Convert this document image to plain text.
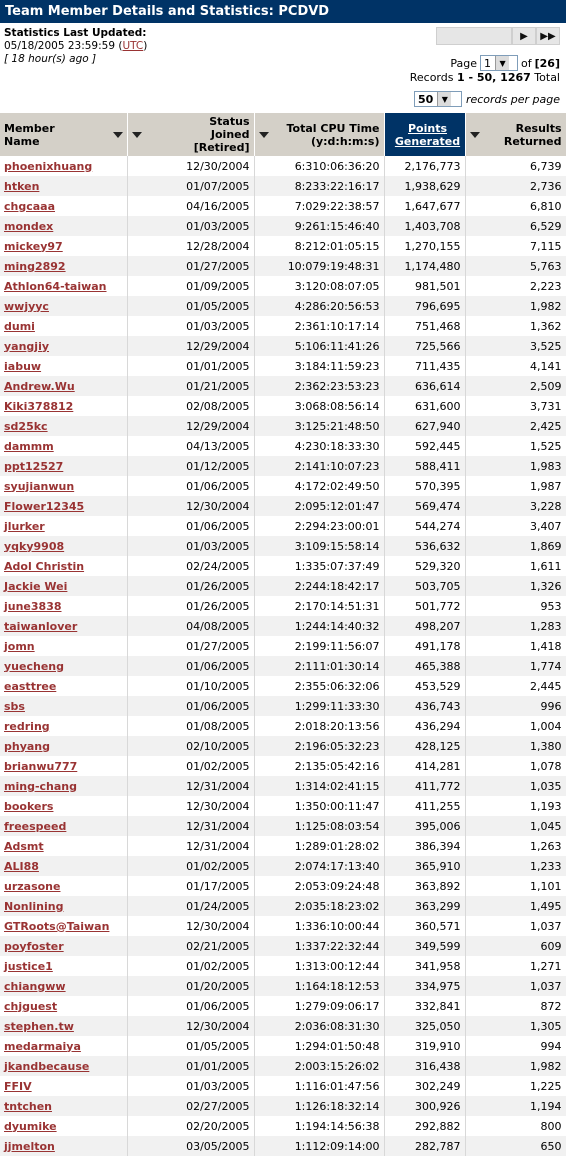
Team Member Details and Statistics: PCDVD
Statistics Last Updated:
05/18/2005 23:59:59 (UTC)
[ 18 hour(s) ago ]
▶ ▶▶
Page 1	▼	of [26]
Records 1 - 50, 1267 Total
50	▼	records per page
Member Name	Status Joined [Retired]	Total CPU Time (y:d:h:m:s)	Points Generated	Results Returned

phoenixhuang	12/30/2004	6:310:06:36:20	2,176,773	6,739
htken	01/07/2005	8:233:22:16:17	1,938,629	2,736
chgcaaa	04/16/2005	7:029:22:38:57	1,647,677	6,810
mondex	01/03/2005	9:261:15:46:40	1,403,708	6,529
mickey97	12/28/2004	8:212:01:05:15	1,270,155	7,115
ming2892	01/27/2005	10:079:19:48:31	1,174,480	5,763
Athlon64-taiwan	01/09/2005	3:120:08:07:05	981,501	2,223
wwjyyc	01/05/2005	4:286:20:56:53	796,695	1,982
dumi	01/03/2005	2:361:10:17:14	751,468	1,362
yangjiy	12/29/2004	5:106:11:41:26	725,566	3,525
iabuw	01/01/2005	3:184:11:59:23	711,435	4,141
Andrew.Wu	01/21/2005	2:362:23:53:23	636,614	2,509
Kiki378812	02/08/2005	3:068:08:56:14	631,600	3,731
sd25kc	12/29/2004	3:125:21:48:50	627,940	2,425
dammm	04/13/2005	4:230:18:33:30	592,445	1,525
ppt12527	01/12/2005	2:141:10:07:23	588,411	1,983
syujianwun	01/06/2005	4:172:02:49:50	570,395	1,987
Flower12345	12/30/2004	2:095:12:01:47	569,474	3,228
jlurker	01/06/2005	2:294:23:00:01	544,274	3,407
yqky9908	01/03/2005	3:109:15:58:14	536,632	1,869
Adol Christin	02/24/2005	1:335:07:37:49	529,320	1,611
Jackie Wei	01/26/2005	2:244:18:42:17	503,705	1,326
june3838	01/26/2005	2:170:14:51:31	501,772	953
taiwanlover	04/08/2005	1:244:14:40:32	498,207	1,283
jomn	01/27/2005	2:199:11:56:07	491,178	1,418
yuecheng	01/06/2005	2:111:01:30:14	465,388	1,774
easttree	01/10/2005	2:355:06:32:06	453,529	2,445
sbs	01/06/2005	1:299:11:33:30	436,743	996
redring	01/08/2005	2:018:20:13:56	436,294	1,004
phyang	02/10/2005	2:196:05:32:23	428,125	1,380
brianwu777	01/02/2005	2:135:05:42:16	414,281	1,078
ming-chang	12/31/2004	1:314:02:41:15	411,772	1,035
bookers	12/30/2004	1:350:00:11:47	411,255	1,193
freespeed	12/31/2004	1:125:08:03:54	395,006	1,045
Adsmt	12/31/2004	1:289:01:28:02	386,394	1,263
ALI88	01/02/2005	2:074:17:13:40	365,910	1,233
urzasone	01/17/2005	2:053:09:24:48	363,892	1,101
Nonlining	01/24/2005	2:035:18:23:02	363,299	1,495
GTRoots@Taiwan	12/30/2004	1:336:10:00:44	360,571	1,037
poyfoster	02/21/2005	1:337:22:32:44	349,599	609
justice1	01/02/2005	1:313:00:12:44	341,958	1,271
chiangww	01/20/2005	1:164:18:12:53	334,975	1,037
chjguest	01/06/2005	1:279:09:06:17	332,841	872
stephen.tw	12/30/2004	2:036:08:31:30	325,050	1,305
medarmaiya	01/05/2005	1:294:01:50:48	319,910	994
jkandbecause	01/01/2005	2:003:15:26:02	316,438	1,982
FFIV	01/03/2005	1:116:01:47:56	302,249	1,225
tntchen	02/27/2005	1:126:18:32:14	300,926	1,194
dyumike	02/20/2005	1:194:14:56:38	292,882	800
jjmelton	03/05/2005	1:112:09:14:00	282,787	650
